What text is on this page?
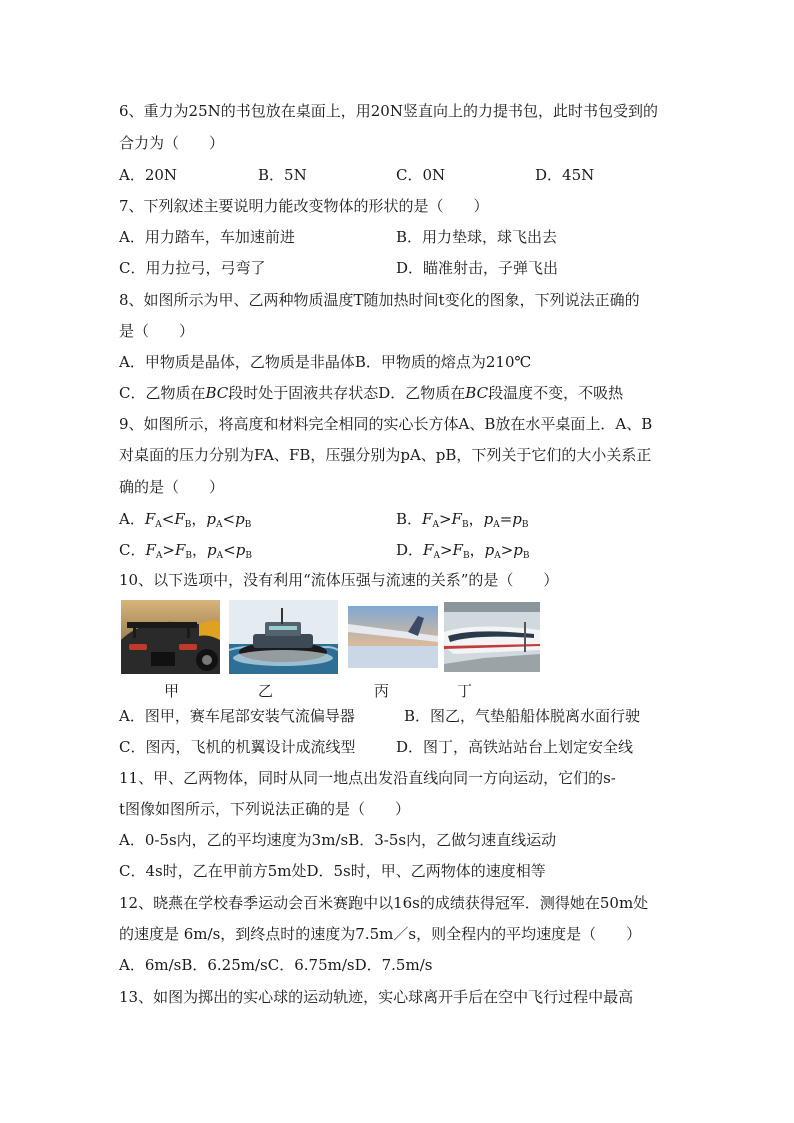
6、重力为25N的书包放在桌面上，用20N竖直向上的力提书包，此时书包受到的
合力为（　　）
A．20N	B．5N	C．0N	D．45N
7、下列叙述主要说明力能改变物体的形状的是（　　）
A．用力踏车，车加速前进	B．用力垫球，球飞出去
C．用力拉弓，弓弯了	D．瞄准射击，子弹飞出
8、如图所示为甲、乙两种物质温度T随加热时间t变化的图象，下列说法正确的
是（　　）
A．甲物质是晶体，乙物质是非晶体B．甲物质的熔点为210℃
C．乙物质在BC段时处于固液共存状态D．乙物质在BC段温度不变，不吸热
9、如图所示，将高度和材料完全相同的实心长方体A、B放在水平桌面上．A、B
对桌面的压力分别为FA、FB，压强分别为pA、pB，下列关于它们的大小关系正
确的是（　　）
A．$F_A<F_B$，$p_A<p_B$	B．$F_A>F_B$，$p_A=p_B$
C．$F_A>F_B$，$p_A<p_B$	D．$F_A>F_B$，$p_A>p_B$
10、以下选项中，没有利用“流体压强与流速的关系”的是（　　）
甲	乙	丙	丁
A．图甲，赛车尾部安装气流偏导器	B．图乙，气垫船船体脱离水面行驶
C．图丙，飞机的机翼设计成流线型	D．图丁，高铁站站台上划定安全线
11、甲、乙两物体，同时从同一地点出发沿直线向同一方向运动，它们的s-
t图像如图所示，下列说法正确的是（　　）
A．0-5s内，乙的平均速度为3m/sB．3-5s内，乙做匀速直线运动
C．4s时，乙在甲前方5m处D．5s时，甲、乙两物体的速度相等
12、晓燕在学校春季运动会百米赛跑中以16s的成绩获得冠军．测得她在50m处
的速度是 6m/s，到终点时的速度为7.5m／s，则全程内的平均速度是（　　）
A．6m/sB．6.25m/sC．6.75m/sD．7.5m/s
13、如图为掷出的实心球的运动轨迹，实心球离开手后在空中飞行过程中最高
